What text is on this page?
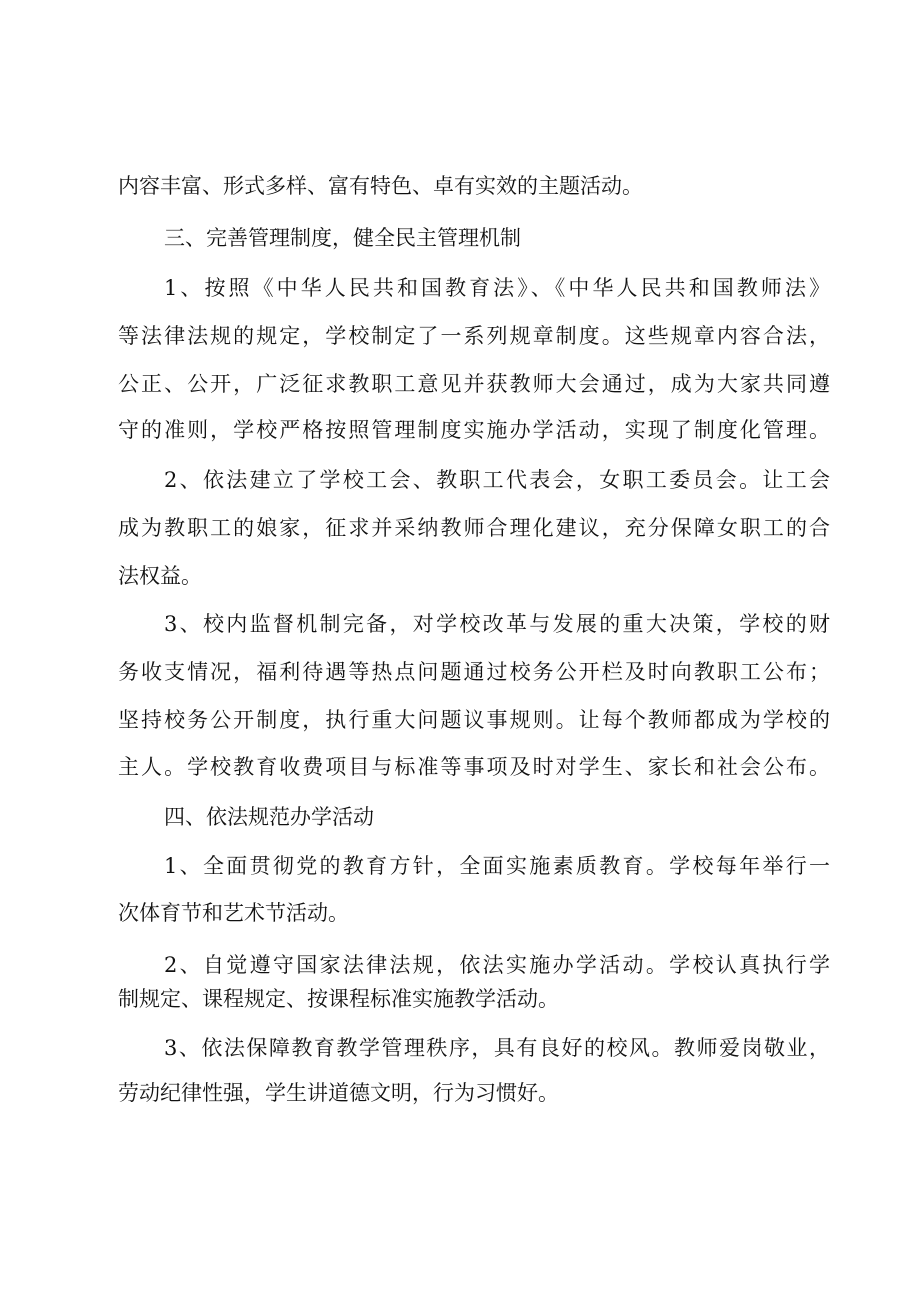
内容丰富、形式多样、富有特色、卓有实效的主题活动。
三、完善管理制度，健全民主管理机制
1、按照《中华人民共和国教育法》、《中华人民共和国教师法》
等法律法规的规定，学校制定了一系列规章制度。这些规章内容合法，
公正、公开，广泛征求教职工意见并获教师大会通过，成为大家共同遵
守的准则，学校严格按照管理制度实施办学活动，实现了制度化管理。
2、依法建立了学校工会、教职工代表会，女职工委员会。让工会
成为教职工的娘家，征求并采纳教师合理化建议，充分保障女职工的合
法权益。
3、校内监督机制完备，对学校改革与发展的重大决策，学校的财
务收支情况，福利待遇等热点问题通过校务公开栏及时向教职工公布；
坚持校务公开制度，执行重大问题议事规则。让每个教师都成为学校的
主人。学校教育收费项目与标准等事项及时对学生、家长和社会公布。
四、依法规范办学活动
1、全面贯彻党的教育方针，全面实施素质教育。学校每年举行一
次体育节和艺术节活动。
2、自觉遵守国家法律法规，依法实施办学活动。学校认真执行学
制规定、课程规定、按课程标准实施教学活动。
3、依法保障教育教学管理秩序，具有良好的校风。教师爱岗敬业，
劳动纪律性强，学生讲道德文明，行为习惯好。
